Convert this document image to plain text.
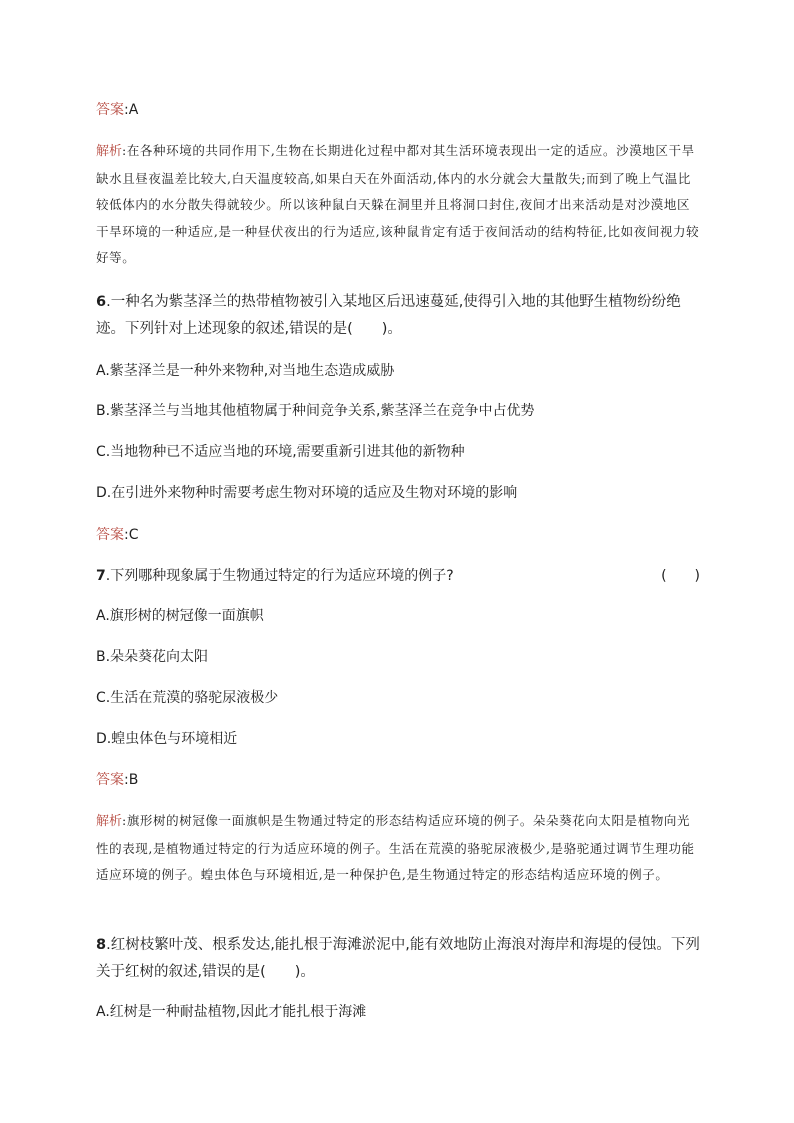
答案:A
解析:在各种环境的共同作用下,生物在长期进化过程中都对其生活环境表现出一定的适应。沙漠地区干旱缺水且昼夜温差比较大,白天温度较高,如果白天在外面活动,体内的水分就会大量散失;而到了晚上气温比较低体内的水分散失得就较少。所以该种鼠白天躲在洞里并且将洞口封住,夜间才出来活动是对沙漠地区干旱环境的一种适应,是一种昼伏夜出的行为适应,该种鼠肯定有适于夜间活动的结构特征,比如夜间视力较好等。
6.一种名为紫茎泽兰的热带植物被引入某地区后迅速蔓延,使得引入地的其他野生植物纷纷绝迹。下列针对上述现象的叙述,错误的是(　　)。
A.紫茎泽兰是一种外来物种,对当地生态造成威胁
B.紫茎泽兰与当地其他植物属于种间竞争关系,紫茎泽兰在竞争中占优势
C.当地物种已不适应当地的环境,需要重新引进其他的新物种
D.在引进外来物种时需要考虑生物对环境的适应及生物对环境的影响
答案:C
7.下列哪种现象属于生物通过特定的行为适应环境的例子?	(　　)
A.旗形树的树冠像一面旗帜
B.朵朵葵花向太阳
C.生活在荒漠的骆驼尿液极少
D.蝗虫体色与环境相近
答案:B
解析:旗形树的树冠像一面旗帜是生物通过特定的形态结构适应环境的例子。朵朵葵花向太阳是植物向光性的表现,是植物通过特定的行为适应环境的例子。生活在荒漠的骆驼尿液极少,是骆驼通过调节生理功能适应环境的例子。蝗虫体色与环境相近,是一种保护色,是生物通过特定的形态结构适应环境的例子。
8.红树枝繁叶茂、根系发达,能扎根于海滩淤泥中,能有效地防止海浪对海岸和海堤的侵蚀。下列关于红树的叙述,错误的是(　　)。
A.红树是一种耐盐植物,因此才能扎根于海滩
